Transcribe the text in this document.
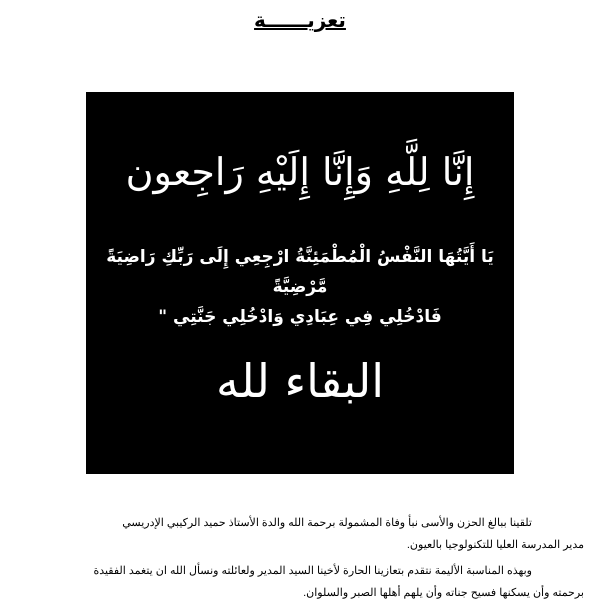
تعزيــــــة
إِنَّا لِلَّهِ وَإِنَّا إِلَيْهِ رَاجِعون
يَا أَيَّتُهَا النَّفْسُ الْمُطْمَئِنَّةُ ارْجِعِي إِلَى رَبِّكِ رَاضِيَةً مَّرْضِيَّةً
فَادْخُلِي فِي عِبَادِي وَادْخُلِي جَنَّتِي "
البقاء لله
تلقينا ببالغ الحزن والأسى نبأ وفاة المشمولة برحمة الله والدة الأستاذ حميد الركيبي الإدريسي
مدير المدرسة العليا للتكنولوجيا بالعيون.
وبهذه المناسبة الأليمة نتقدم بتعازينا الحارة لأخينا السيد المدير ولعائلته ونسأل الله ان يتغمد الفقيدة
برحمته وأن يسكنها فسيح جناته وأن يلهم أهلها الصبر والسلوان.
